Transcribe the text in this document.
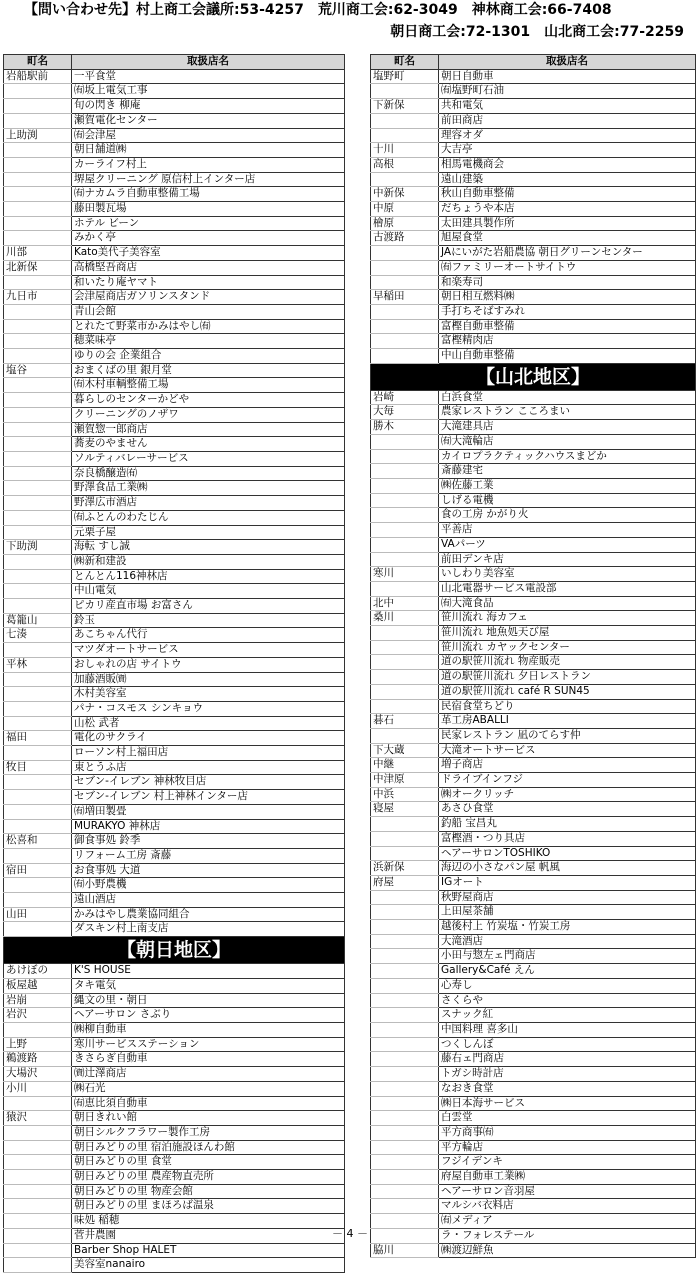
【問い合わせ先】村上商工会議所:53-4257　荒川商工会:62-3049　神林商工会:66-7408
朝日商工会:72-1301　山北商工会:77-2259
町名	取扱店名
岩船駅前	一平食堂
	㈲坂上電気工事
	旬の閃き 柳庵
	瀬賀電化センター
上助渕	㈲会津屋
	朝日舗道㈱
	カーライフ村上
	堺屋クリーニング 原信村上インター店
	㈲ナカムラ自動車整備工場
	藤田製瓦場
	ホテル ビーン
	みかく亭
川部	Kato美代子美容室
北新保	高橋堅吾商店
	和いたり庵ヤマト
九日市	会津屋商店ガソリンスタンド
	青山会館
	とれたて野菜市かみはやし㈲
	穂菜味亭
	ゆりの会 企業組合
塩谷	おまくばの里 銀月堂
	㈲木村車輌整備工場
	暮らしのセンターかどや
	クリーニングのノザワ
	瀬賀惣一郎商店
	蕎麦のやません
	ソルティバレーサービス
	奈良橋醸造㈲
	野澤食品工業㈱
	野澤広市酒店
	㈲ふとんのわたじん
	元栗子屋
下助渕	海転 すし誠
	㈱新和建設
	とんとん116神林店
	中山電気
	ピカリ産直市場 お富さん
葛籠山	鈴玉
七湊	あこちゃん代行
	マツダオートサービス
平林	おしゃれの店 サイトウ
	加藤酒販㈾
	木村美容室
	パナ・コスモス シンキョウ
	山松 武者
福田	電化のサクライ
	ローソン村上福田店
牧目	東とうふ店
	セブン-イレブン 神林牧目店
	セブン-イレブン 村上神林インター店
	㈲増田製畳
	MURAKYO 神林店
松喜和	御食事処 鈴季
	リフォーム工房 斎藤
宿田	お食事処 大道
	㈲小野農機
	遠山酒店
山田	かみはやし農業協同組合
	ダスキン村上南支店
【朝日地区】	
あけぼの	K'S HOUSE
板屋越	タキ電気
岩崩	縄文の里・朝日
岩沢	ヘアーサロン さぶり
	㈱柳自動車
上野	寒川サービスステーション
鵜渡路	きさらぎ自動車
大場沢	㈾辻澤商店
小川	㈱石光
	㈲恵比須自動車
猿沢	朝日きれい館
	朝日シルクフラワー製作工房
	朝日みどりの里 宿泊施設ほんわ館
	朝日みどりの里 食堂
	朝日みどりの里 農産物直売所
	朝日みどりの里 物産会館
	朝日みどりの里 まほろば温泉
	味処 稲穂
	菅井農園
	Barber Shop HALET
	美容室nanairo
町名	取扱店名
塩野町	朝日自動車
	㈲塩野町石油
下新保	共和電気
	前田商店
	理容オダ
十川	大吉亭
高根	相馬電機商会
	遠山建築
中新保	秋山自動車整備
中原	だちょうや本店
檜原	太田建具製作所
古渡路	旭屋食堂
	JAにいがた岩船農協 朝日グリーンセンター
	㈲ファミリーオートサイトウ
	和楽寿司
早稲田	朝日相互燃料㈱
	手打ちそばすみれ
	富樫自動車整備
	富樫精肉店
	中山自動車整備
【山北地区】	
岩崎	白浜食堂
大毎	農家レストラン こころまい
勝木	大滝建具店
	㈲大滝輪店
	カイロプラクティックハウスまどか
	斎藤建宅
	㈱佐藤工業
	しげる電機
	食の工房 かがり火
	平善店
	VAパーツ
	前田デンキ店
寒川	いしわり美容室
	山北電器サービス電設部
北中	㈲大滝食品
桑川	笹川流れ 海カフェ
	笹川流れ 地魚処天び屋
	笹川流れ カヤックセンター
	道の駅笹川流れ 物産販売
	道の駅笹川流れ 夕日レストラン
	道の駅笹川流れ café R SUN45
	民宿食堂ちどり
碁石	革工房ABALLI
	民家レストラン 凪のてらす仲
下大蔵	大滝オートサービス
中継	増子商店
中津原	ドライブインフジ
中浜	㈱オークリッチ
寝屋	あさひ食堂
	釣船 宝昌丸
	富樫酒・つり具店
	ヘアーサロンTOSHIKO
浜新保	海辺の小さなパン屋 帆風
府屋	IGオート
	秋野屋商店
	上田屋茶舗
	越後村上 竹炭塩・竹炭工房
	大滝酒店
	小田与惣左ェ門商店
	Gallery&Café えん
	心寿し
	さくらや
	スナック紅
	中国料理 喜多山
	つくしんぼ
	藤右ェ門商店
	トガシ時計店
	なおき食堂
	㈱日本海サービス
	白雲堂
	平方商事㈲
	平方輪店
	フジイデンキ
	府屋自動車工業㈱
	ヘアーサロン音羽屋
	マルシバ衣料店
	㈲メディア
	ラ・フォレステール
脇川	㈱渡辺鮮魚
－ 4 －
